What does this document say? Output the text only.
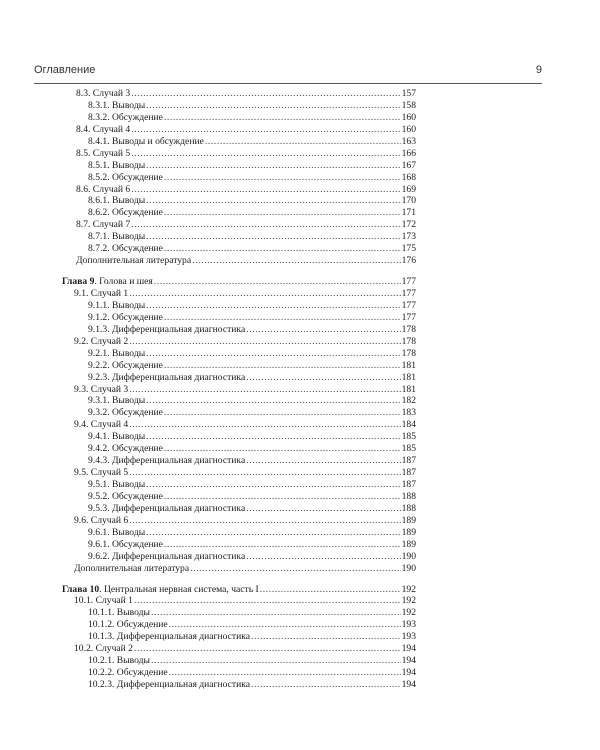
Оглавление	9
8.3. Случай 3 .....	157
8.3.1. Выводы .....	158
8.3.2. Обсуждение .....	160
8.4. Случай 4 .....	160
8.4.1. Выводы и обсуждение .....	163
8.5. Случай 5 .....	166
8.5.1. Выводы .....	167
8.5.2. Обсуждение .....	168
8.6. Случай 6 .....	169
8.6.1. Выводы .....	170
8.6.2. Обсуждение .....	171
8.7. Случай 7 .....	172
8.7.1. Выводы .....	173
8.7.2. Обсуждение .....	175
Дополнительная литература .....	176
Глава 9. Голова и шея .....	177
9.1. Случай 1 .....	177
9.1.1. Выводы .....	177
9.1.2. Обсуждение .....	177
9.1.3. Дифференциальная диагностика .....	178
9.2. Случай 2 .....	178
9.2.1. Выводы .....	178
9.2.2. Обсуждение .....	181
9.2.3. Дифференциальная диагностика .....	181
9.3. Случай 3 .....	181
9.3.1. Выводы .....	182
9.3.2. Обсуждение .....	183
9.4. Случай 4 .....	184
9.4.1. Выводы .....	185
9.4.2. Обсуждение .....	185
9.4.3. Дифференциальная диагностика .....	187
9.5. Случай 5 .....	187
9.5.1. Выводы .....	187
9.5.2. Обсуждение .....	188
9.5.3. Дифференциальная диагностика .....	188
9.6. Случай 6 .....	189
9.6.1. Выводы .....	189
9.6.1. Обсуждение .....	189
9.6.2. Дифференциальная диагностика .....	190
Дополнительная литература .....	190
Глава 10. Центральная нервная система, часть I .....	192
10.1. Случай 1 .....	192
10.1.1. Выводы .....	192
10.1.2. Обсуждение .....	193
10.1.3. Дифференциальная диагностика .....	193
10.2. Случай 2 .....	194
10.2.1. Выводы .....	194
10.2.2. Обсуждение .....	194
10.2.3. Дифференциальная диагностика .....	194
